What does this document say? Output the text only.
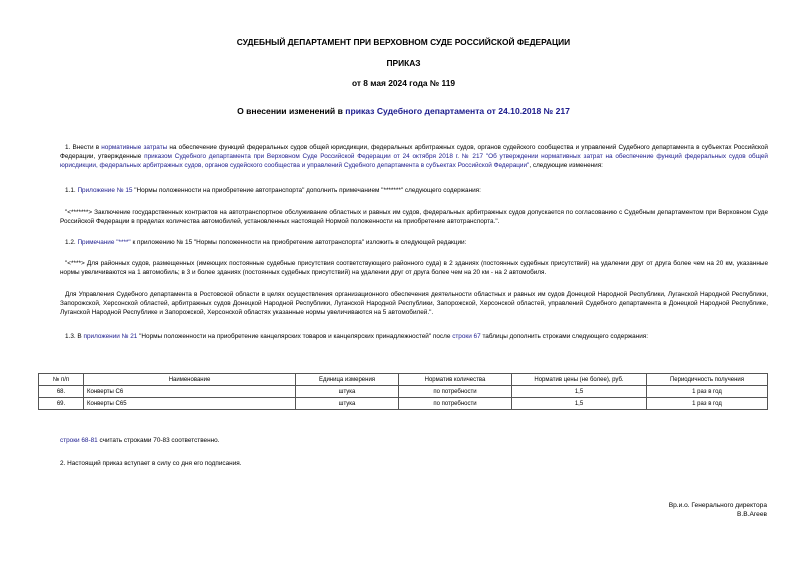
СУДЕБНЫЙ ДЕПАРТАМЕНТ ПРИ ВЕРХОВНОМ СУДЕ РОССИЙСКОЙ ФЕДЕРАЦИИ
ПРИКАЗ
от 8 мая 2024 года № 119
О внесении изменений в приказ Судебного департамента от 24.10.2018 № 217
1. Внести в нормативные затраты на обеспечение функций федеральных судов общей юрисдикции, федеральных арбитражных судов, органов судейского сообщества и управлений Судебного департамента в субъектах Российской Федерации, утвержденные приказом Судебного департамента при Верховном Суде Российской Федерации от 24 октября 2018 г. № 217 "Об утверждении нормативных затрат на обеспечение функций федеральных судов общей юрисдикции, федеральных арбитражных судов, органов судейского сообщества и управлений Судебного департамента в субъектах Российской Федерации", следующие изменения:
1.1. Приложение № 15 "Нормы положенности на приобретение автотранспорта" дополнить примечанием "*******" следующего содержания:
"<*******> Заключение государственных контрактов на автотранспортное обслуживание областных и равных им судов, федеральных арбитражных судов допускается по согласованию с Судебным департаментом при Верховном Суде Российской Федерации в пределах количества автомобилей, установленных настоящей Нормой положенности на приобретение автотранспорта.".
1.2. Примечание "****" к приложению № 15 "Нормы положенности на приобретение автотранспорта" изложить в следующей редакции:
"<****> Для районных судов, размещенных (имеющих постоянные судебные присутствия соответствующего районного суда) в 2 зданиях (постоянных судебных присутствий) на удалении друг от друга более чем на 20 км, указанные нормы увеличиваются на 1 автомобиль; в 3 и более зданиях (постоянных судебных присутствий) на удалении друг от друга более чем на 20 км - на 2 автомобиля.
Для Управления Судебного департамента в Ростовской области в целях осуществления организационного обеспечения деятельности областных и равных им судов Донецкой Народной Республики, Луганской Народной Республики, Запорожской, Херсонской областей, арбитражных судов Донецкой Народной Республики, Луганской Народной Республики, Запорожской, Херсонской областей, управлений Судебного департамента в Донецкой Народной Республике, Луганской Народной Республике и Запорожской, Херсонской областях указанные нормы увеличиваются на 5 автомобилей.".
1.3. В приложении № 21 "Нормы положенности на приобретение канцелярских товаров и канцелярских принадлежностей" после строки 67 таблицы дополнить строками следующего содержания:
№ п/п	Наименование	Единица измерения	Норматив количества	Норматив цены (не более), руб.	Периодичность получения
68.	Конверты С6	штука	по потребности	1,5	1 раз в год
69.	Конверты С65	штука	по потребности	1,5	1 раз в год
строки 68-81 считать строками 70-83 соответственно.
2. Настоящий приказ вступает в силу со дня его подписания.
Вр.и.о. Генерального директора
В.В.Агеев
